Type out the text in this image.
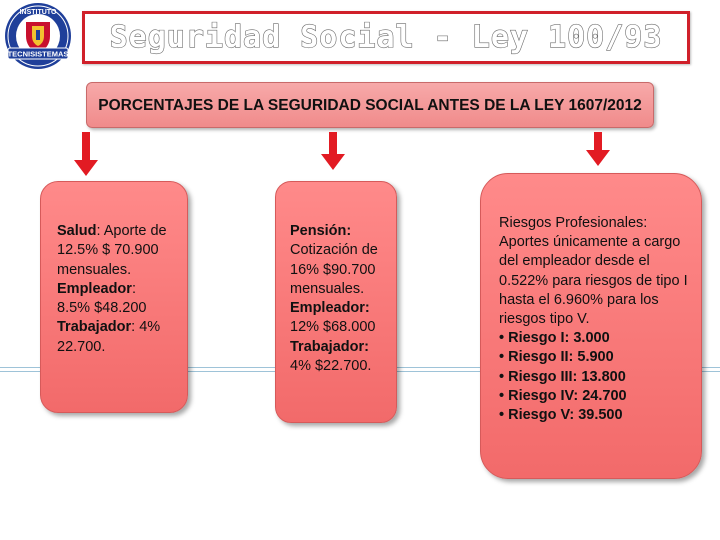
INSTITUTO
TECNISISTEMAS Seguridad Social - Ley 100/93
PORCENTAJES DE LA SEGURIDAD SOCIAL ANTES DE LA LEY 1607/2012
Salud: Aporte de 12.5% $ 70.900 mensuales. Empleador: 8.5% $48.200 Trabajador: 4% 22.700.
Pensión: Cotización de 16% $90.700 mensuales. Empleador: 12% $68.000 Trabajador: 4% $22.700.
Riesgos Profesionales:
Aportes únicamente a cargo del empleador desde el 0.522% para riesgos de tipo I hasta el 6.960% para los riesgos tipo V.
• Riesgo I: 3.000
• Riesgo II: 5.900
• Riesgo III: 13.800
• Riesgo IV: 24.700
• Riesgo V: 39.500
